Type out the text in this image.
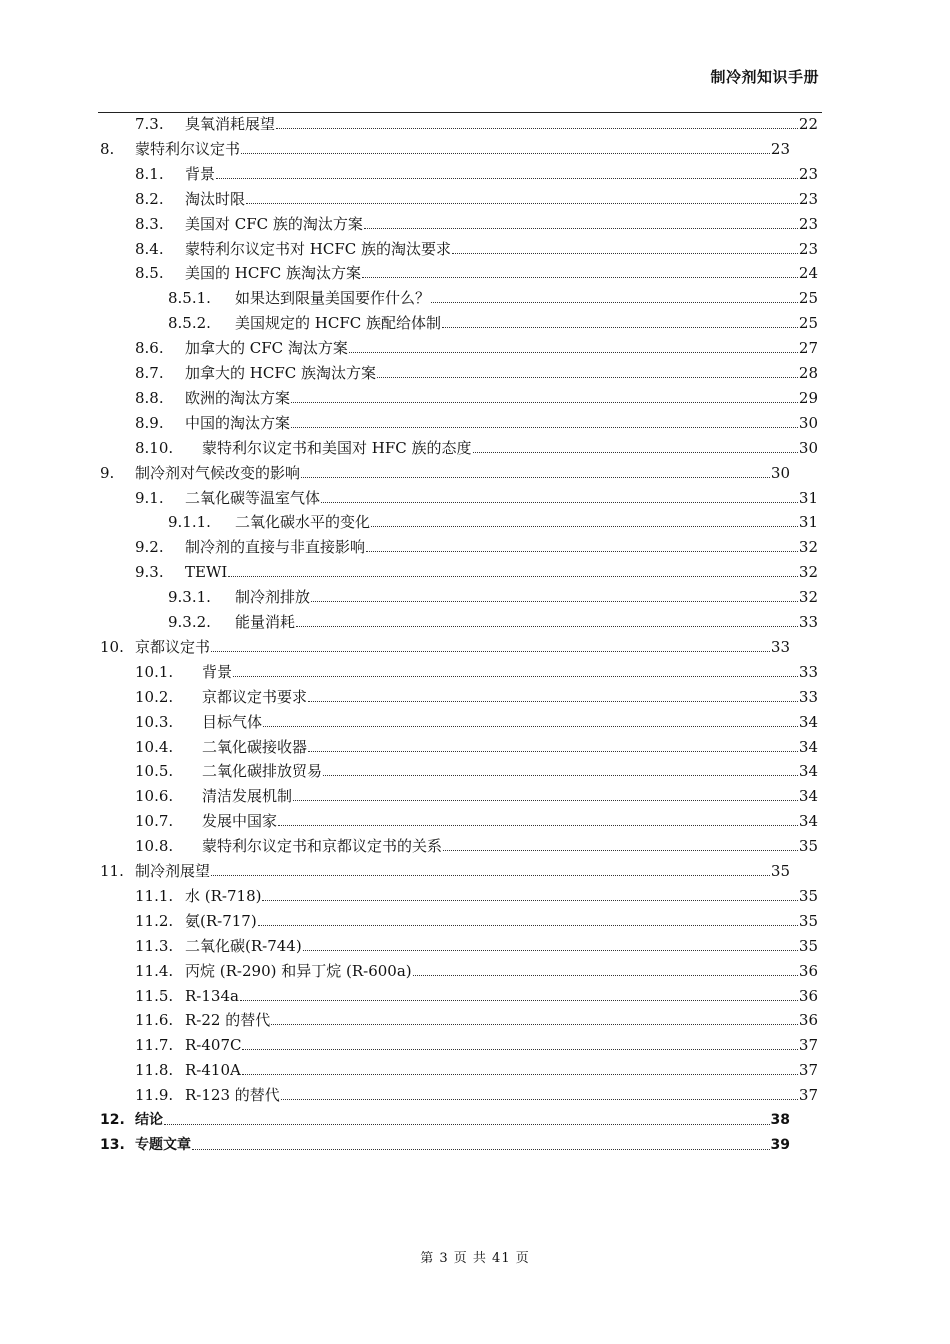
制冷剂知识手册
7.3.	臭氧消耗展望	22
8.	蒙特利尔议定书	23
8.1.	背景	23
8.2.	淘汰时限	23
8.3.	美国对 CFC 族的淘汰方案	23
8.4.	蒙特利尔议定书对 HCFC 族的淘汰要求	23
8.5.	美国的 HCFC 族淘汰方案	24
8.5.1.	如果达到限量美国要作什么？	25
8.5.2.	美国规定的 HCFC 族配给体制	25
8.6.	加拿大的 CFC 淘汰方案	27
8.7.	加拿大的 HCFC 族淘汰方案	28
8.8.	欧洲的淘汰方案	29
8.9.	中国的淘汰方案	30
8.10.	蒙特利尔议定书和美国对 HFC 族的态度	30
9.	制冷剂对气候改变的影响	30
9.1.	二氧化碳等温室气体	31
9.1.1.	二氧化碳水平的变化	31
9.2.	制冷剂的直接与非直接影响	32
9.3.	TEWI	32
9.3.1.	制冷剂排放	32
9.3.2.	能量消耗	33
10. 京都议定书	33
10.1.	背景	33
10.2.	京都议定书要求	33
10.3.	目标气体	34
10.4.	二氧化碳接收器	34
10.5.	二氧化碳排放贸易	34
10.6.	清洁发展机制	34
10.7.	发展中国家	34
10.8.	蒙特利尔议定书和京都议定书的关系	35
11. 制冷剂展望	35
11.1. 水 (R-718)	35
11.2. 氨(R-717)	35
11.3. 二氧化碳(R-744)	35
11.4. 丙烷 (R-290) 和异丁烷 (R-600a)	36
11.5. R-134a	36
11.6. R-22 的替代	36
11.7. R-407C	37
11.8. R-410A	37
11.9. R-123 的替代	37
12. 结论	38
13. 专题文章	39
第 3 页 共 41 页
